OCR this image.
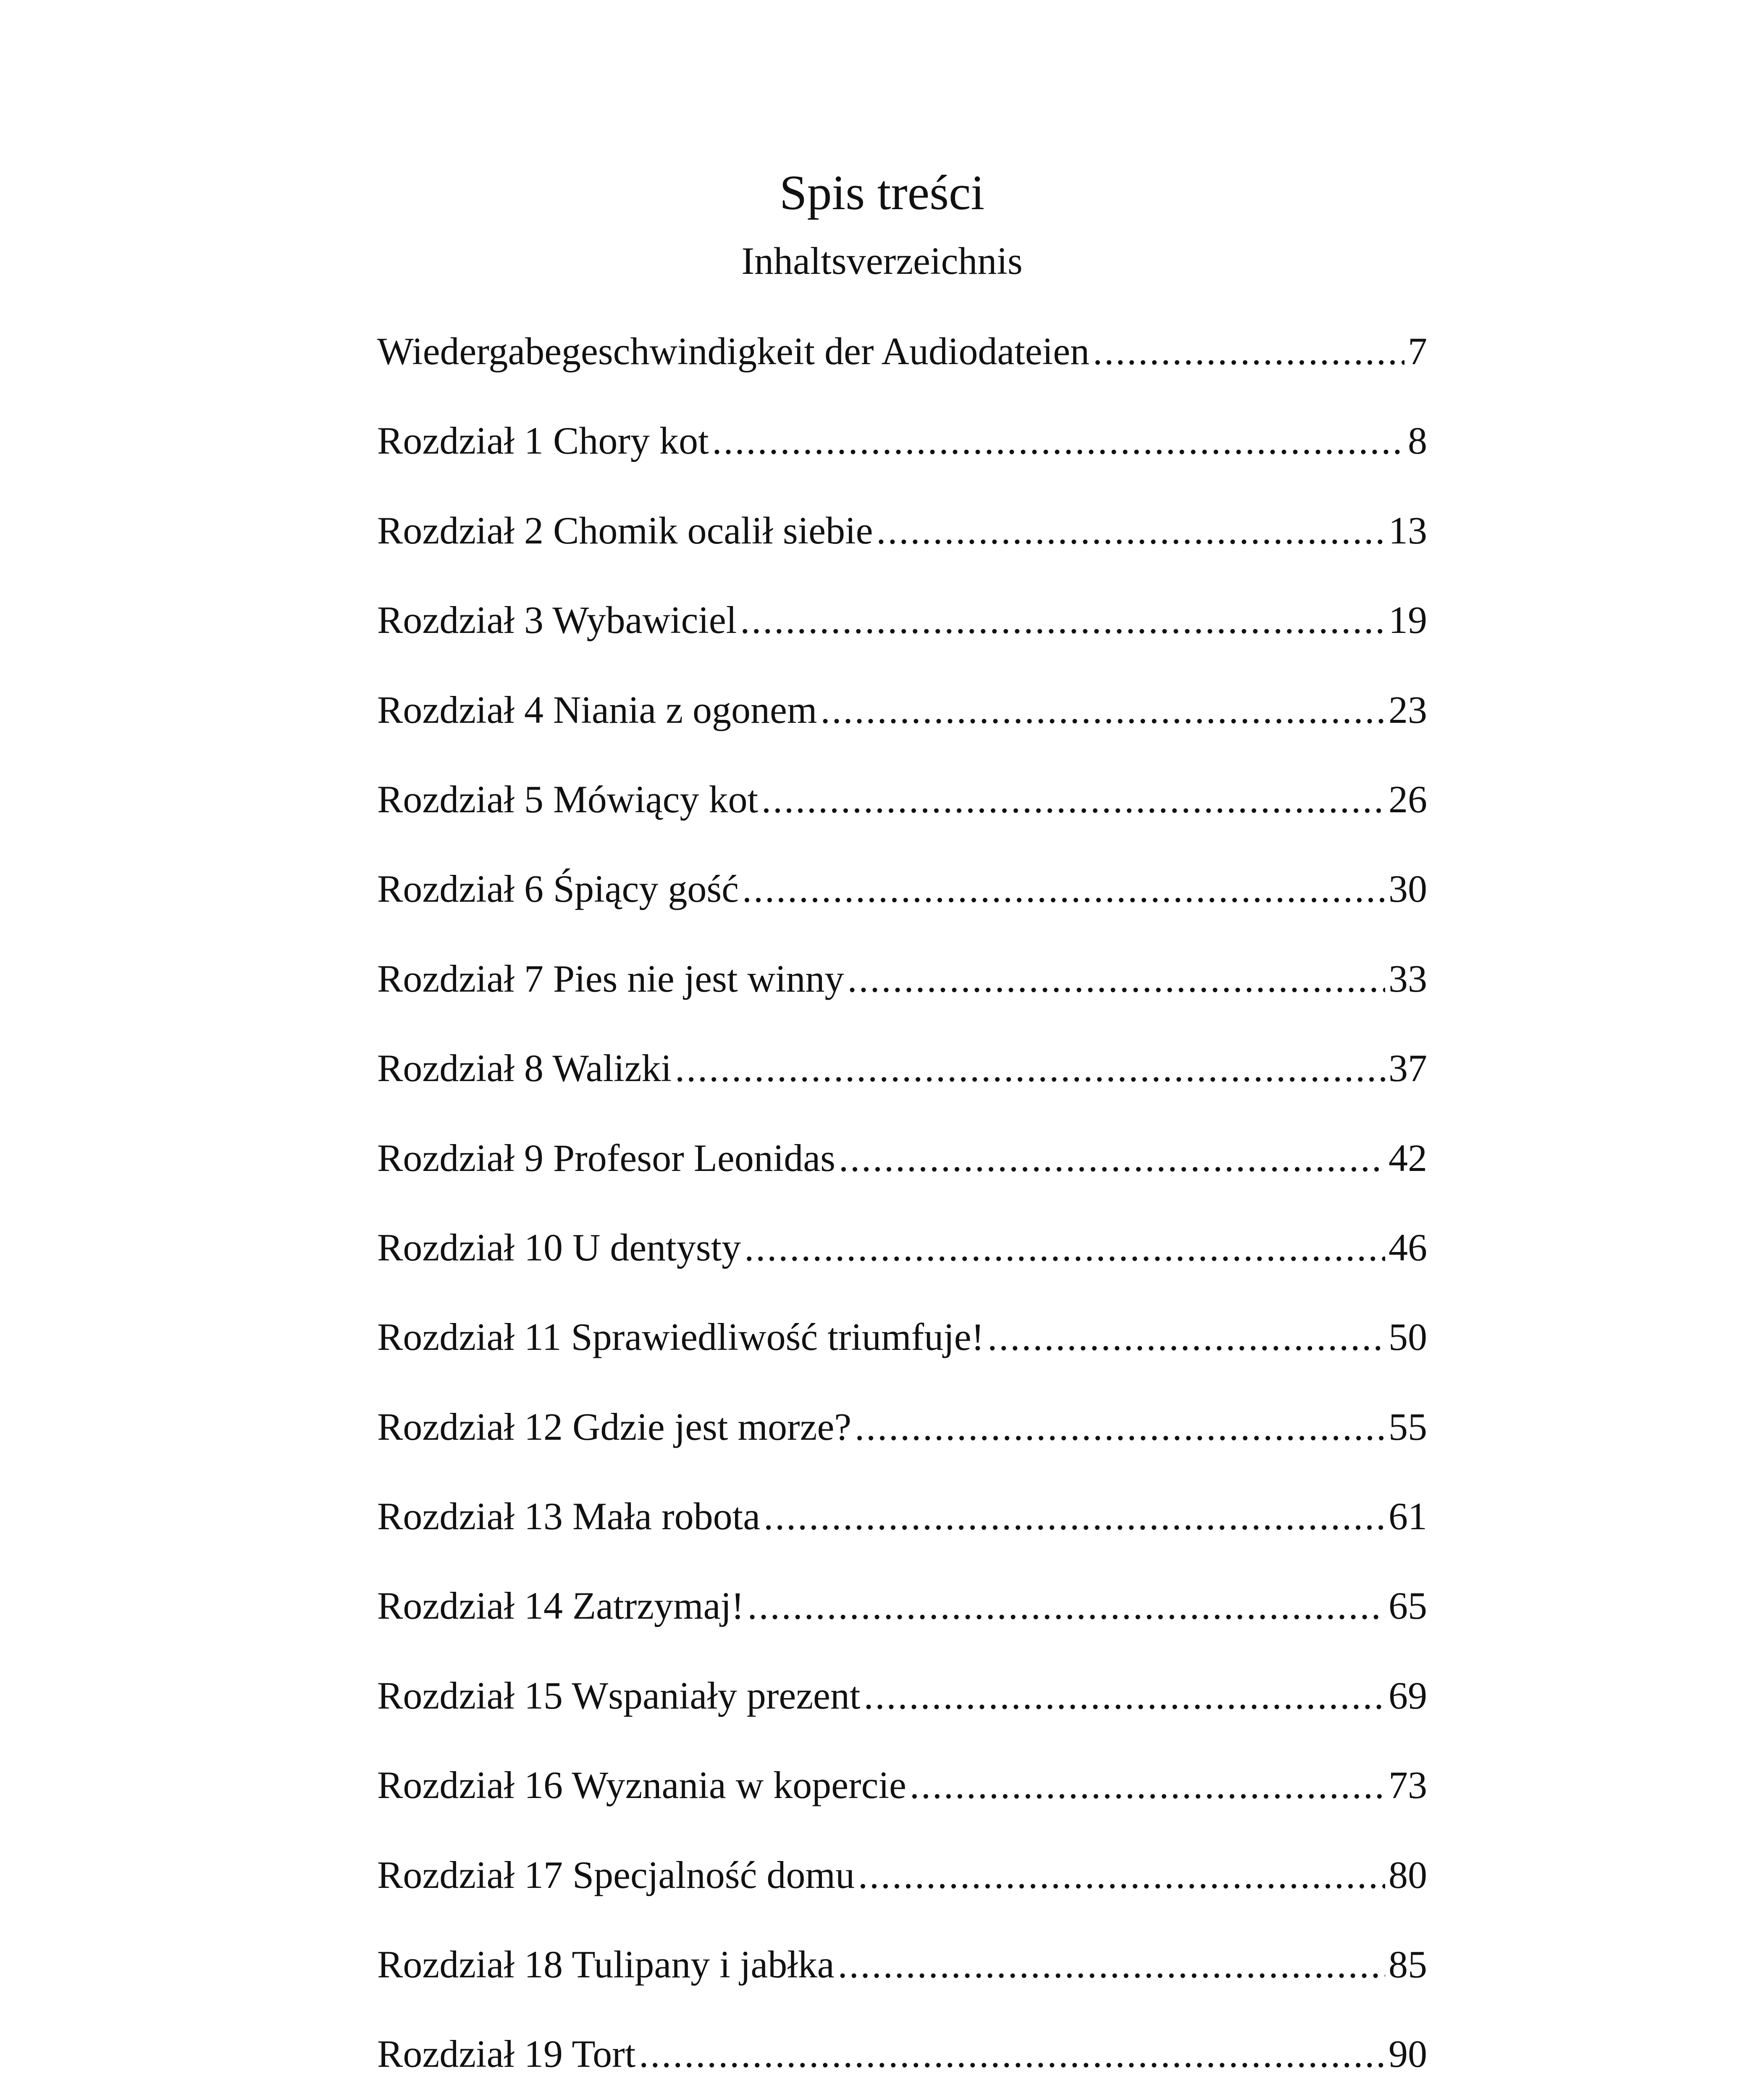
Spis treści
Inhaltsverzeichnis
Wiedergabegeschwindigkeit der Audiodateien .....	7
Rozdział 1 Chory kot .....	8
Rozdział 2 Chomik ocalił siebie .....	13
Rozdział 3 Wybawiciel .....	19
Rozdział 4 Niania z ogonem .....	23
Rozdział 5 Mówiący kot .....	26
Rozdział 6 Śpiący gość .....	30
Rozdział 7 Pies nie jest winny .....	33
Rozdział 8 Walizki .....	37
Rozdział 9 Profesor Leonidas .....	42
Rozdział 10 U dentysty .....	46
Rozdział 11 Sprawiedliwość triumfuje! .....	50
Rozdział 12 Gdzie jest morze? .....	55
Rozdział 13 Mała robota .....	61
Rozdział 14 Zatrzymaj! .....	65
Rozdział 15 Wspaniały prezent .....	69
Rozdział 16 Wyznania w kopercie .....	73
Rozdział 17 Specjalność domu .....	80
Rozdział 18 Tulipany i jabłka .....	85
Rozdział 19 Tort .....	90
